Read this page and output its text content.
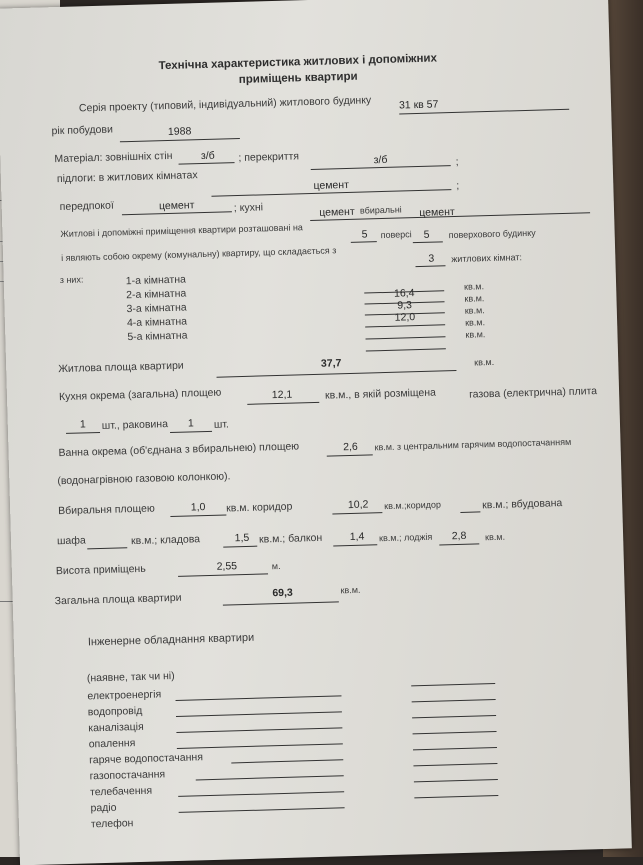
Технічна характеристика житлових і допоміжних
приміщень квартири
Серія проекту (типовий, індивідуальний) житлового будинку	31 кв 57
рік побудови	1988
Матеріал: зовнішніх стін	з/б	; перекриття	з/б	;
підлоги: в житлових кімнатах
цемент	;
передпокої	цемент	; кухні	цемент вбиральні	цемент
Житлові і допоміжні приміщення квартири розташовані на	5	поверсі	5	поверхового будинку
і являють собою окрему (комунальну) квартиру, що складається з	3	житлових кімнат:
з них:	1-а кімнатна	кв.м.
2-а кімнатна	16,4	кв.м.
3-а кімнатна	9,3	кв.м.
4-а кімнатна	12,0	кв.м.
5-а кімнатна	кв.м.
Житлова площа квартири	37,7	кв.м.
Кухня окрема (загальна) площею	12,1	кв.м., в якій розміщена	газова (електрична) плита
1	шт., раковина	1	шт.
Ванна окрема (об'єднана з вбиральнею) площею	2,6	кв.м. з центральним гарячим водопостачанням
(водонагрівною газовою колонкою).
Вбиральня площею	1,0	кв.м. коридор	10,2	кв.м.;коридор	кв.м.; вбудована
шафа	кв.м.; кладова	1,5 кв.м.; балкон	1,4	кв.м.; лоджія	2,8	кв.м.
Висота приміщень	2,55	м.
Загальна площа квартири	69,3	кв.м.
Інженерне обладнання квартири
(наявне, так чи ні)
електроенергія
водопровід
каналізація
опалення
гаряче водопостачання
газопостачання
телебачення
радіо
телефон
